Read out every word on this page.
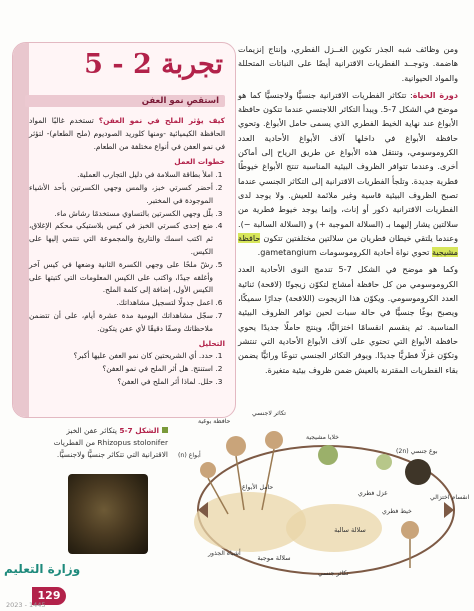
ومن وظائف شبه الجذر تكوين الغــزل الفطري، وإنتاج إنزيمات هاضمة. وتوجــد الفطريات الاقترانية أيضًا على النباتات المتحللة والمواد الحيوانية.

دورة الحياة: تتكاثر الفطريات الاقترانية جنسيًّا ولاجنسيًّا كما هو موضح في الشكل 7-5. ويبدأ التكاثر اللاجنسي عندما تتكون حافظة الأبواغ عند نهاية الخيط الفطري الذي يسمى حامل الأبواغ. وتحوي حافظة الأبواغ في داخلها آلاف الأبواغ الأحادية العدد الكروموسومي، وتنتقل هذه الأبواغ عن طريق الرياح إلى أماكن أخرى. وعندما تتوافر الظروف البيئية المناسبة تنتج الأبواغ خيوطًا فطرية جديدة. وتلجأ الفطريات الاقترانية إلى التكاثر الجنسي عندما تصبح الظروف البيئية قاسية وغير ملائمة للعيش. ولا يوجد لدى الفطريات الاقترانية ذكور أو إناث، وإنما يوجد خيوط فطرية من سلالتين يشار إليهما بـ (السلالة الموجبة +) و (السلالة السالبة −). وعندما يلتقي خيطان فطريان من سلالتين مختلفتين تتكون حافظة مشيجية تحوي نواة أحادية الكروموسومات gametangium.

وكما هو موضح في الشكل 7-5 تندمج النوى الأحادية العدد الكروموسومي من كل حافظة أمشاج لتكوّن زيجوتًا (لاقحة) ثنائية العدد الكروموسومي. ويكوّن هذا الزيجوت (اللاقحة) جدارًا سميكًا، ويصبح بوغًا جنسيًّا في حالة سبات لحين توافر الظروف البيئية المناسبة. ثم ينقسم انقسامًا اختزاليًّا، وينتج حاملًا جديدًا يحوي حافظة الأبواغ التي تحتوي على آلاف الأبواغ الأحادية التي تنتشر وتكوّن غزلًا فطريًّا جديدًا. ويوفر التكاثر الجنسي تنوعًا وراثيًّا يضمن بقاء الفطريات المقترنة بالعيش ضمن ظروف بيئية متغيرة.

تجربة 2 - 5
استقصِ نمو العفن
كيف يؤثر الملح في نمو العفن؟ تستخدم غالبًا المواد الحافظة الكيميائية -ومنها كلوريد الصوديوم (ملح الطعام)- لتؤثر في نمو العفن في أنواع مختلفة من الطعام.
خطوات العمل
1. املأ بطاقة السلامة في دليل التجارب العملية.
2. أحضر كسرتي خبز، والمس وجهي الكسرتين بأحد الأشياء الموجودة في المختبر.
3. بلّل وجهي الكسرتين بالتساوي مستخدمًا رشاش ماء.
4. ضع إحدى كسرتي الخبز في كيس بلاستيكي محكم الإغلاق، ثم اكتب اسمك والتاريخ والمجموعة التي تنتمي إليها على الكيس.
5. رشّ ملحًا على وجهي الكسرة الثانية وضعها في كيس آخر وأغلقه جيدًا، واكتب على الكيس المعلومات التي كتبتها على الكيس الأول، إضافة إلى كلمة الملح.
6. اعمل جدولًا لتسجيل مشاهداتك.
7. سجّل مشاهداتك اليومية مدة عشرة أيام، على أن تتضمن ملاحظاتك وصفًا دقيقًا لأي عفن يتكون.
التحليل
1. حدد. أي الشريحتين كان نمو العفن عليها أكبر؟
2. استنتج. هل أثر الملح في نمو العفن؟
3. حلل. لماذا أثر الملح في العفن؟
الشكل 7-5 يتكاثر عفن الخبز Rhizopus stolonifer من الفطريات الاقترانية التي تتكاثر جنسيًّا ولاجنسيًّا.
سلالة موجبة
سلالة سالبة
تكاثر لاجنسي
تكاثر جنسي
حافظة بوغية
أبواغ (n)
حامل الأبواغ
أشباه الجذور
خلايا مشيجية
بوغ جنسي (2n)
انقسام اختزالي
خيط فطري
غزل فطري
وزارة التعليم
129
2023 - 1445
